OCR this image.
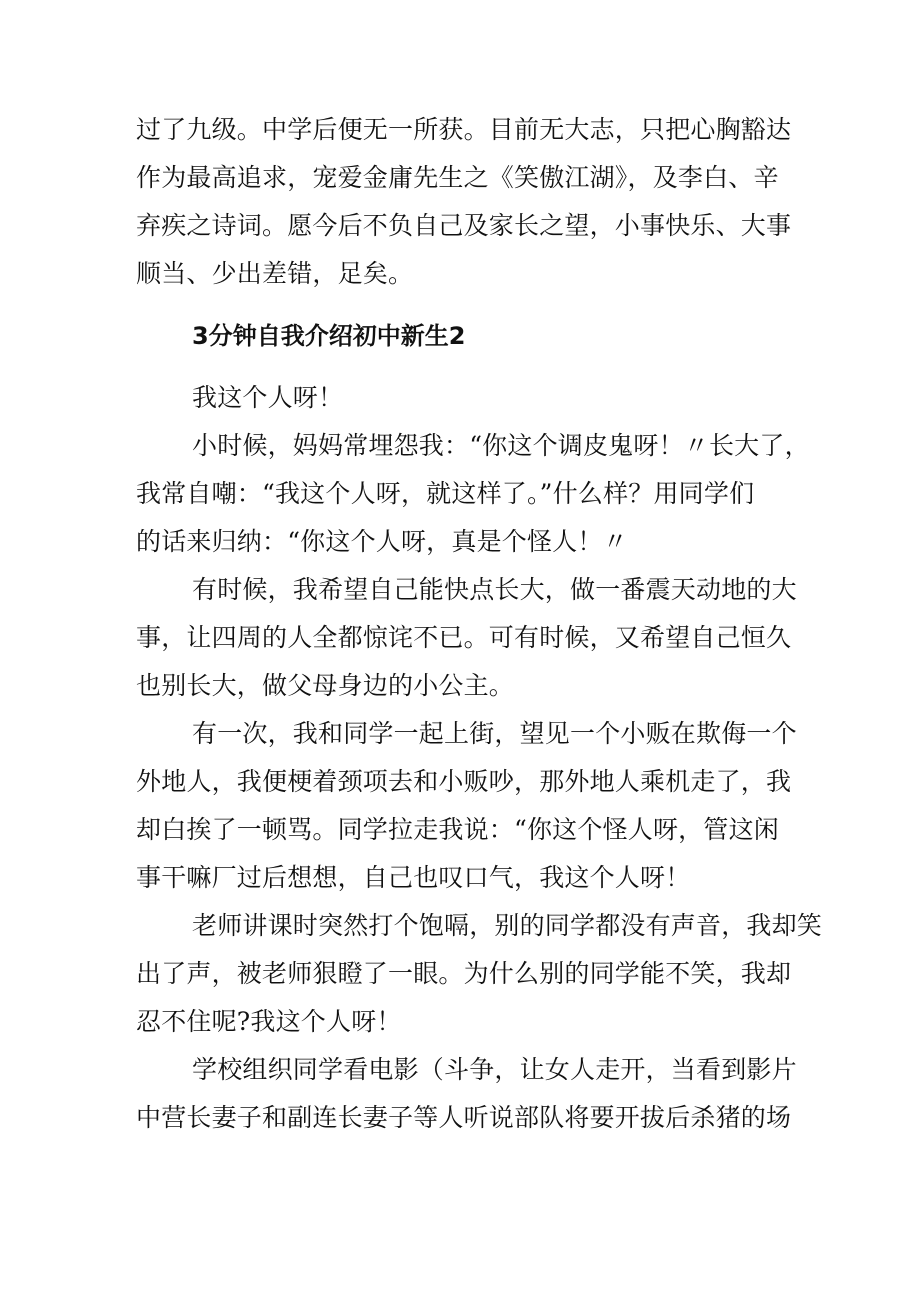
过了九级。中学后便无一所获。目前无大志，只把心胸豁达
作为最高追求，宠爱金庸先生之《笑傲江湖》，及李白、辛
弃疾之诗词。愿今后不负自己及家长之望，小事快乐、大事
顺当、少出差错，足矣。
3分钟自我介绍初中新生2
我这个人呀！
小时候，妈妈常埋怨我：“你这个调皮鬼呀！〃长大了，
我常自嘲：“我这个人呀，就这样了。”什么样？用同学们
的话来归纳：“你这个人呀，真是个怪人！〃
有时候，我希望自己能快点长大，做一番震天动地的大
事，让四周的人全都惊诧不已。可有时候，又希望自己恒久
也别长大，做父母身边的小公主。
有一次，我和同学一起上街，望见一个小贩在欺侮一个
外地人，我便梗着颈项去和小贩吵，那外地人乘机走了，我
却白挨了一顿骂。同学拉走我说：“你这个怪人呀，管这闲
事干嘛厂过后想想，自己也叹口气，我这个人呀！
老师讲课时突然打个饱嗝，别的同学都没有声音，我却笑
出了声，被老师狠瞪了一眼。为什么别的同学能不笑，我却
忍不住呢?我这个人呀！
学校组织同学看电影（斗争，让女人走开，当看到影片
中营长妻子和副连长妻子等人听说部队将要开拔后杀猪的场
